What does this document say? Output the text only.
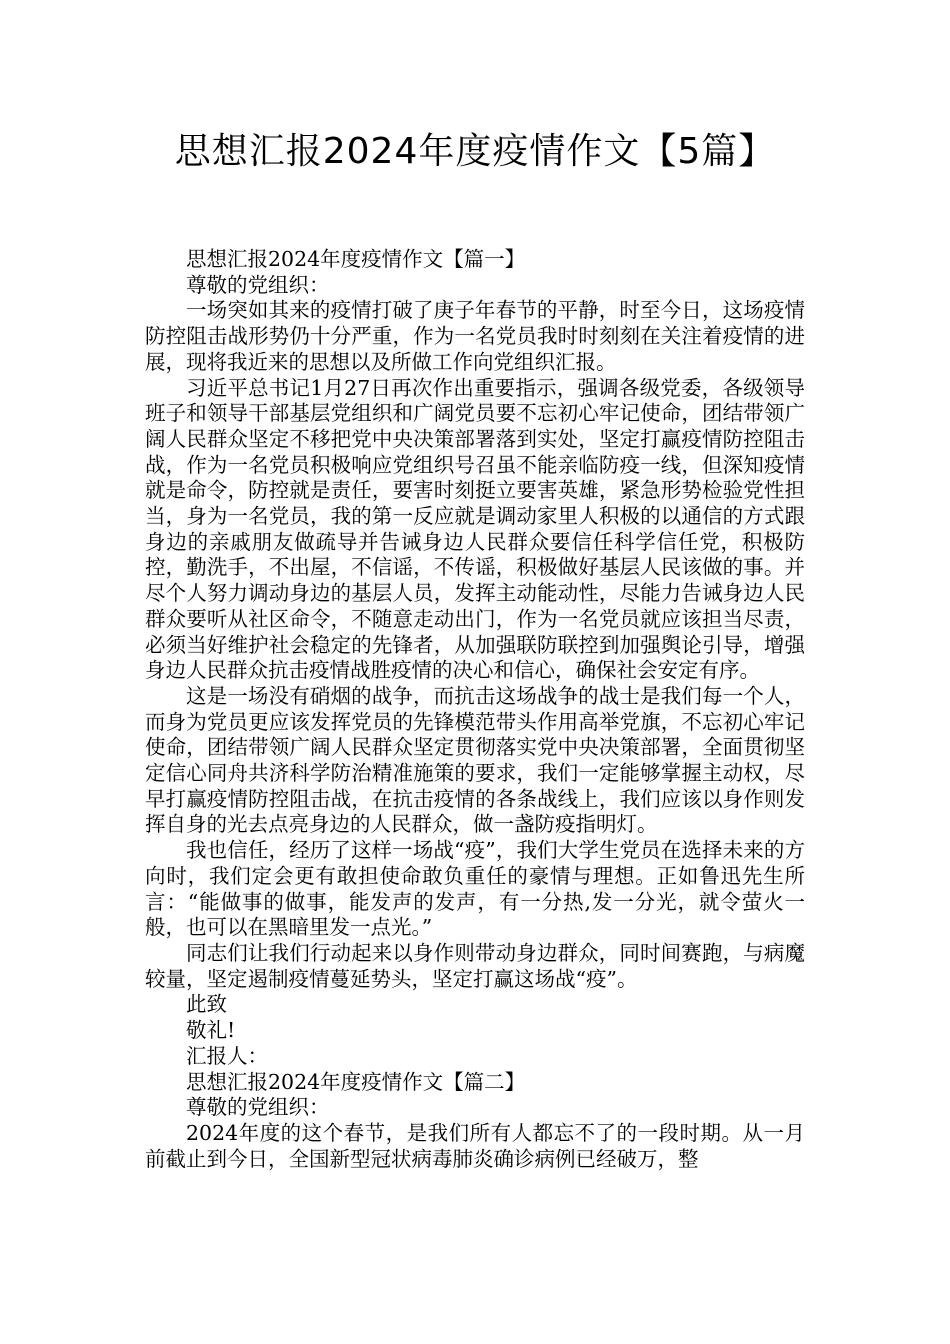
思想汇报2024年度疫情作文【5篇】

思想汇报2024年度疫情作文【篇一】

尊敬的党组织：

一场突如其来的疫情打破了庚子年春节的平静，时至今日，这场疫情防控阻击战形势仍十分严重，作为一名党员我时时刻刻在关注着疫情的进展，现将我近来的思想以及所做工作向党组织汇报。

习近平总书记1月27日再次作出重要指示，强调各级党委，各级领导班子和领导干部基层党组织和广阔党员要不忘初心牢记使命，团结带领广阔人民群众坚定不移把党中央决策部署落到实处，坚定打赢疫情防控阻击战，作为一名党员积极响应党组织号召虽不能亲临防疫一线，但深知疫情就是命令，防控就是责任，要害时刻挺立要害英雄，紧急形势检验党性担当，身为一名党员，我的第一反应就是调动家里人积极的以通信的方式跟身边的亲戚朋友做疏导并告诫身边人民群众要信任科学信任党，积极防控，勤洗手，不出屋，不信谣，不传谣，积极做好基层人民该做的事。并尽个人努力调动身边的基层人员，发挥主动能动性，尽能力告诫身边人民群众要听从社区命令，不随意走动出门，作为一名党员就应该担当尽责，必须当好维护社会稳定的先锋者，从加强联防联控到加强舆论引导，增强身边人民群众抗击疫情战胜疫情的决心和信心，确保社会安定有序。

这是一场没有硝烟的战争，而抗击这场战争的战士是我们每一个人，而身为党员更应该发挥党员的先锋模范带头作用高举党旗，不忘初心牢记使命，团结带领广阔人民群众坚定贯彻落实党中央决策部署，全面贯彻坚定信心同舟共济科学防治精准施策的要求，我们一定能够掌握主动权，尽早打赢疫情防控阻击战，在抗击疫情的各条战线上，我们应该以身作则发挥自身的光去点亮身边的人民群众，做一盏防疫指明灯。

我也信任，经历了这样一场战“疫”，我们大学生党员在选择未来的方向时，我们定会更有敢担使命敢负重任的豪情与理想。正如鲁迅先生所言：“能做事的做事，能发声的发声，有一分热,发一分光，就令萤火一般，也可以在黑暗里发一点光。”

同志们让我们行动起来以身作则带动身边群众，同时间赛跑，与病魔较量，坚定遏制疫情蔓延势头，坚定打赢这场战“疫”。

此致

敬礼!

汇报人：

思想汇报2024年度疫情作文【篇二】

尊敬的党组织：

2024年度的这个春节，是我们所有人都忘不了的一段时期。从一月前截止到今日，全国新型冠状病毒肺炎确诊病例已经破万，整
